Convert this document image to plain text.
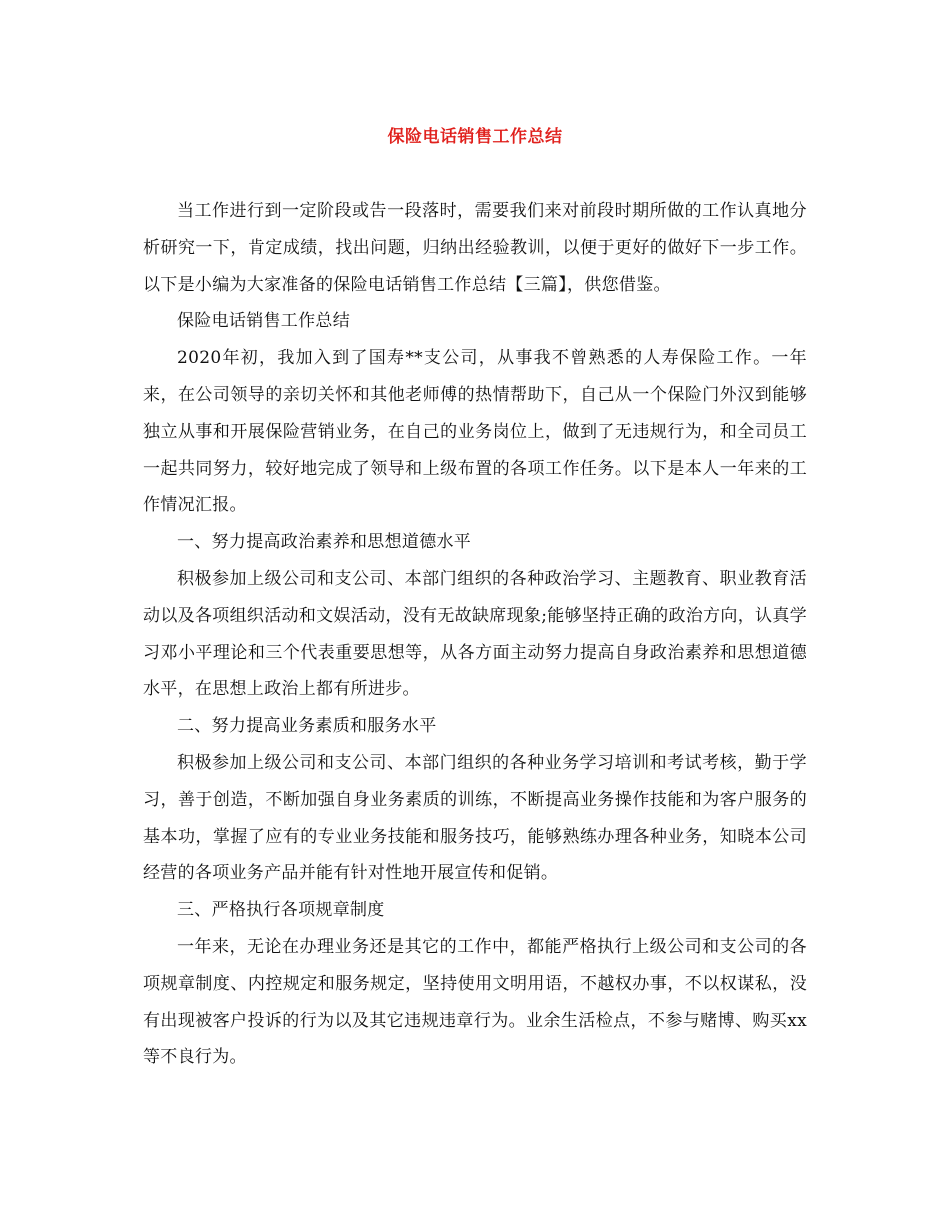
保险电话销售工作总结

当工作进行到一定阶段或告一段落时，需要我们来对前段时期所做的工作认真地分析研究一下，肯定成绩，找出问题，归纳出经验教训，以便于更好的做好下一步工作。以下是小编为大家准备的保险电话销售工作总结【三篇】，供您借鉴。

保险电话销售工作总结

2020年初，我加入到了国寿**支公司，从事我不曾熟悉的人寿保险工作。一年来，在公司领导的亲切关怀和其他老师傅的热情帮助下，自己从一个保险门外汉到能够独立从事和开展保险营销业务，在自己的业务岗位上，做到了无违规行为，和全司员工一起共同努力，较好地完成了领导和上级布置的各项工作任务。以下是本人一年来的工作情况汇报。

一、努力提高政治素养和思想道德水平

积极参加上级公司和支公司、本部门组织的各种政治学习、主题教育、职业教育活动以及各项组织活动和文娱活动，没有无故缺席现象;能够坚持正确的政治方向，认真学习邓小平理论和三个代表重要思想等，从各方面主动努力提高自身政治素养和思想道德水平，在思想上政治上都有所进步。

二、努力提高业务素质和服务水平

积极参加上级公司和支公司、本部门组织的各种业务学习培训和考试考核，勤于学习，善于创造，不断加强自身业务素质的训练，不断提高业务操作技能和为客户服务的基本功，掌握了应有的专业业务技能和服务技巧，能够熟练办理各种业务，知晓本公司经营的各项业务产品并能有针对性地开展宣传和促销。

三、严格执行各项规章制度

一年来，无论在办理业务还是其它的工作中，都能严格执行上级公司和支公司的各项规章制度、内控规定和服务规定，坚持使用文明用语，不越权办事，不以权谋私，没有出现被客户投诉的行为以及其它违规违章行为。业余生活检点，不参与赌博、购买xx等不良行为。
